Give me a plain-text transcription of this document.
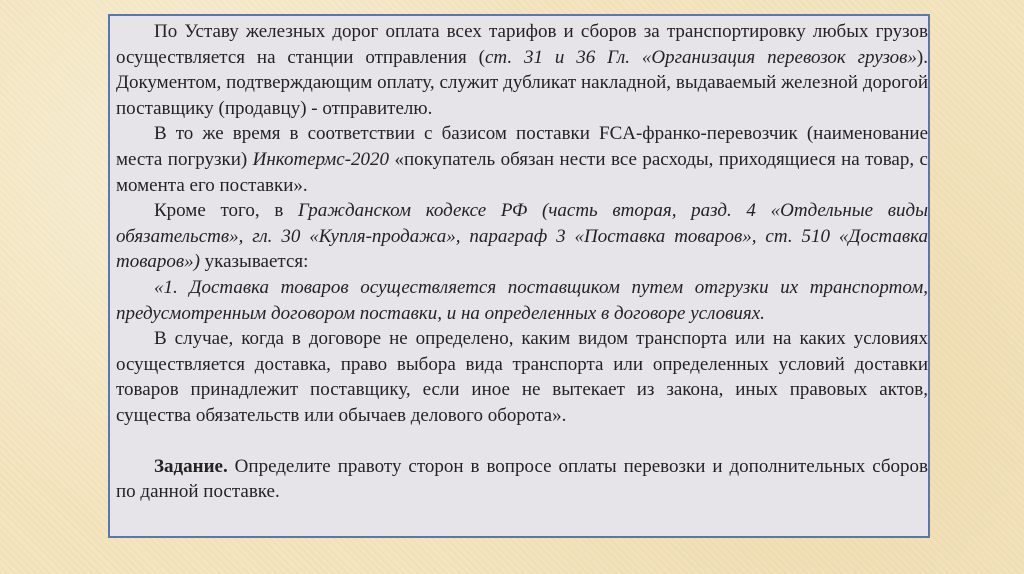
По Уставу железных дорог оплата всех тарифов и сборов за транспортировку любых грузов осуществляется на станции отправления (ст. 31 и 36 Гл. «Организация перевозок грузов»). Документом, подтверждающим оплату, служит дубликат накладной, выдаваемый железной дорогой поставщику (продавцу) - отправителю.

В то же время в соответствии с базисом поставки FCA-франко-перевозчик (наименование места погрузки) Инкотермс-2020 «покупатель обязан нести все расходы, приходящиеся на товар, с момента его поставки».

Кроме того, в Гражданском кодексе РФ (часть вторая, разд. 4 «Отдельные виды обязательств», гл. 30 «Купля-продажа», параграф 3 «Поставка товаров», ст. 510 «Доставка товаров») указывается:

«1. Доставка товаров осуществляется поставщиком путем отгрузки их транспортом, предусмотренным договором поставки, и на определенных в договоре условиях.

В случае, когда в договоре не определено, каким видом транспорта или на каких условиях осуществляется доставка, право выбора вида транспорта или определенных условий доставки товаров принадлежит поставщику, если иное не вытекает из закона, иных правовых актов, существа обязательств или обычаев делового оборота».

Задание. Определите правоту сторон в вопросе оплаты перевозки и дополнительных сборов по данной поставке.
